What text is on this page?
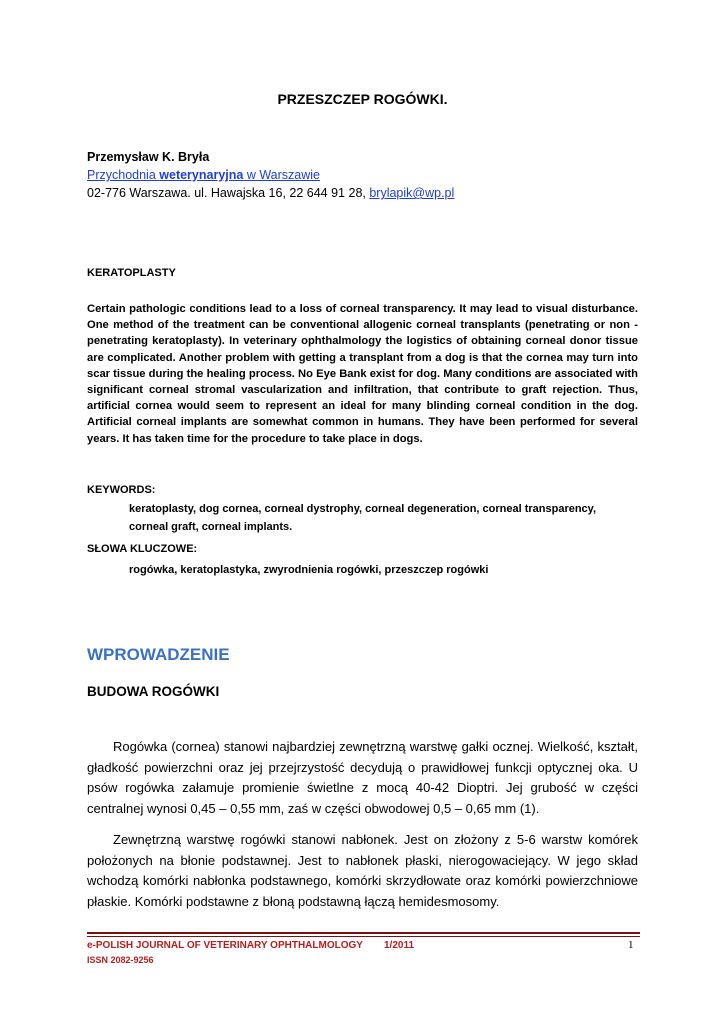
PRZESZCZEP ROGÓWKI.
Przemysław K. Bryła
Przychodnia weterynaryjna w Warszawie
02-776 Warszawa. ul. Hawajska 16, 22 644 91 28, brylapik@wp.pl
KERATOPLASTY

Certain pathologic conditions lead to a loss of corneal transparency. It may lead to visual disturbance. One method of the treatment can be conventional allogenic corneal transplants (penetrating or non -penetrating keratoplasty). In veterinary ophthalmology the logistics of obtaining corneal donor tissue are complicated. Another problem with getting a transplant from a dog is that the cornea may turn into scar tissue during the healing process. No Eye Bank exist for dog. Many conditions are associated with significant corneal stromal vascularization and infiltration, that contribute to graft rejection. Thus, artificial cornea would seem to represent an ideal for many blinding corneal condition in the dog. Artificial corneal implants are somewhat common in humans. They have been performed for several years. It has taken time for the procedure to take place in dogs.

KEYWORDS:
keratoplasty, dog cornea, corneal dystrophy, corneal degeneration, corneal transparency,
corneal graft, corneal implants.
SŁOWA KLUCZOWE:
rogówka, keratoplastyka, zwyrodnienia rogówki, przeszczep rogówki
WPROWADZENIE
BUDOWA ROGÓWKI

Rogówka (cornea) stanowi najbardziej zewnętrzną warstwę gałki ocznej. Wielkość, kształt, gładkość powierzchni oraz jej przejrzystość decydują o prawidłowej funkcji optycznej oka. U psów rogówka załamuje promienie świetlne z mocą 40-42 Dioptri. Jej grubość w części centralnej wynosi 0,45 – 0,55 mm, zaś w części obwodowej 0,5 – 0,65 mm (1).

Zewnętrzną warstwę rogówki stanowi nabłonek. Jest on złożony z 5-6 warstw komórek położonych na błonie podstawnej. Jest to nabłonek płaski, nierogowaciejący. W jego skład wchodzą komórki nabłonka podstawnego, komórki skrzydłowate oraz komórki powierzchniowe płaskie. Komórki podstawne z błoną podstawną łączą hemidesmosomy.

e-POLISH JOURNAL OF VETERINARY OPHTHALMOLOGY 1/2011	1
ISSN 2082-9256
